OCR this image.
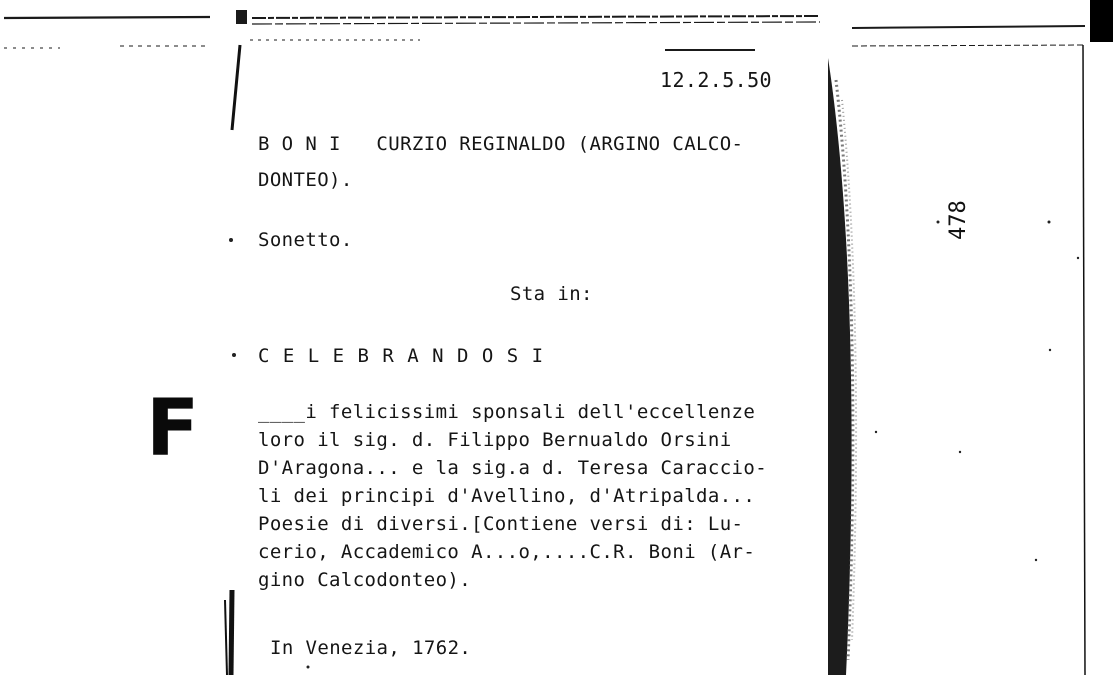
F
12.2.5.50
B O N I   CURZIO REGINALDO (ARGINO CALCO-
DONTEO).
Sonetto.	478
Sta in:
C E L E B R A N D O S I
____i felicissimi sponsali dell'eccellenze
loro il sig. d. Filippo Bernualdo Orsini
D'Aragona... e la sig.a d. Teresa Caraccio-
li dei principi d'Avellino, d'Atripalda...
Poesie di diversi.[Contiene versi di: Lu-
cerio, Accademico A...o,....C.R. Boni (Ar-
gino Calcodonteo).
In Venezia, 1762.
